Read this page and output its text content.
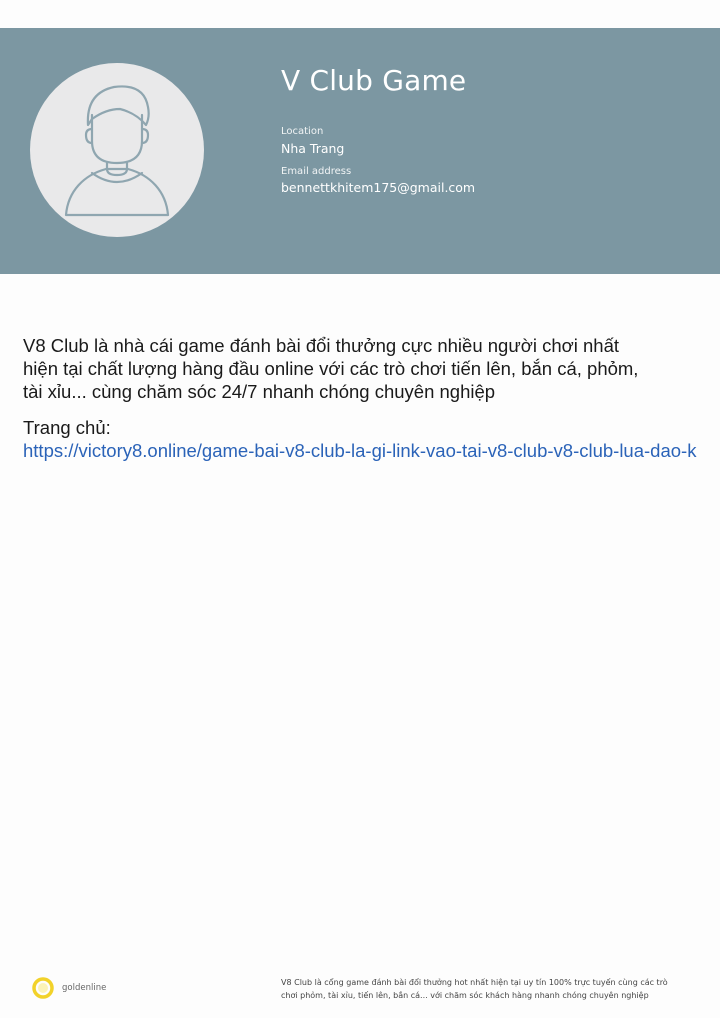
V Club Game
Location
Nha Trang
Email address
bennettkhitem175@gmail.com

V8 Club là nhà cái game đánh bài đổi thưởng cực nhiều người chơi nhất

hiện tại chất lượng hàng đầu online với các trò chơi tiến lên, bắn cá, phỏm,

tài xỉu... cùng chăm sóc 24/7 nhanh chóng chuyên nghiệp

Trang chủ:
https://victory8.online/game-bai-v8-club-la-gi-link-vao-tai-v8-club-v8-club-lua-dao-k
goldenline
V8 Club là cổng game đánh bài đổi thưởng hot nhất hiện tại uy tín 100% trực tuyến cùng các trò
chơi phỏm, tài xỉu, tiến lên, bắn cá... với chăm sóc khách hàng nhanh chóng chuyên nghiệp
